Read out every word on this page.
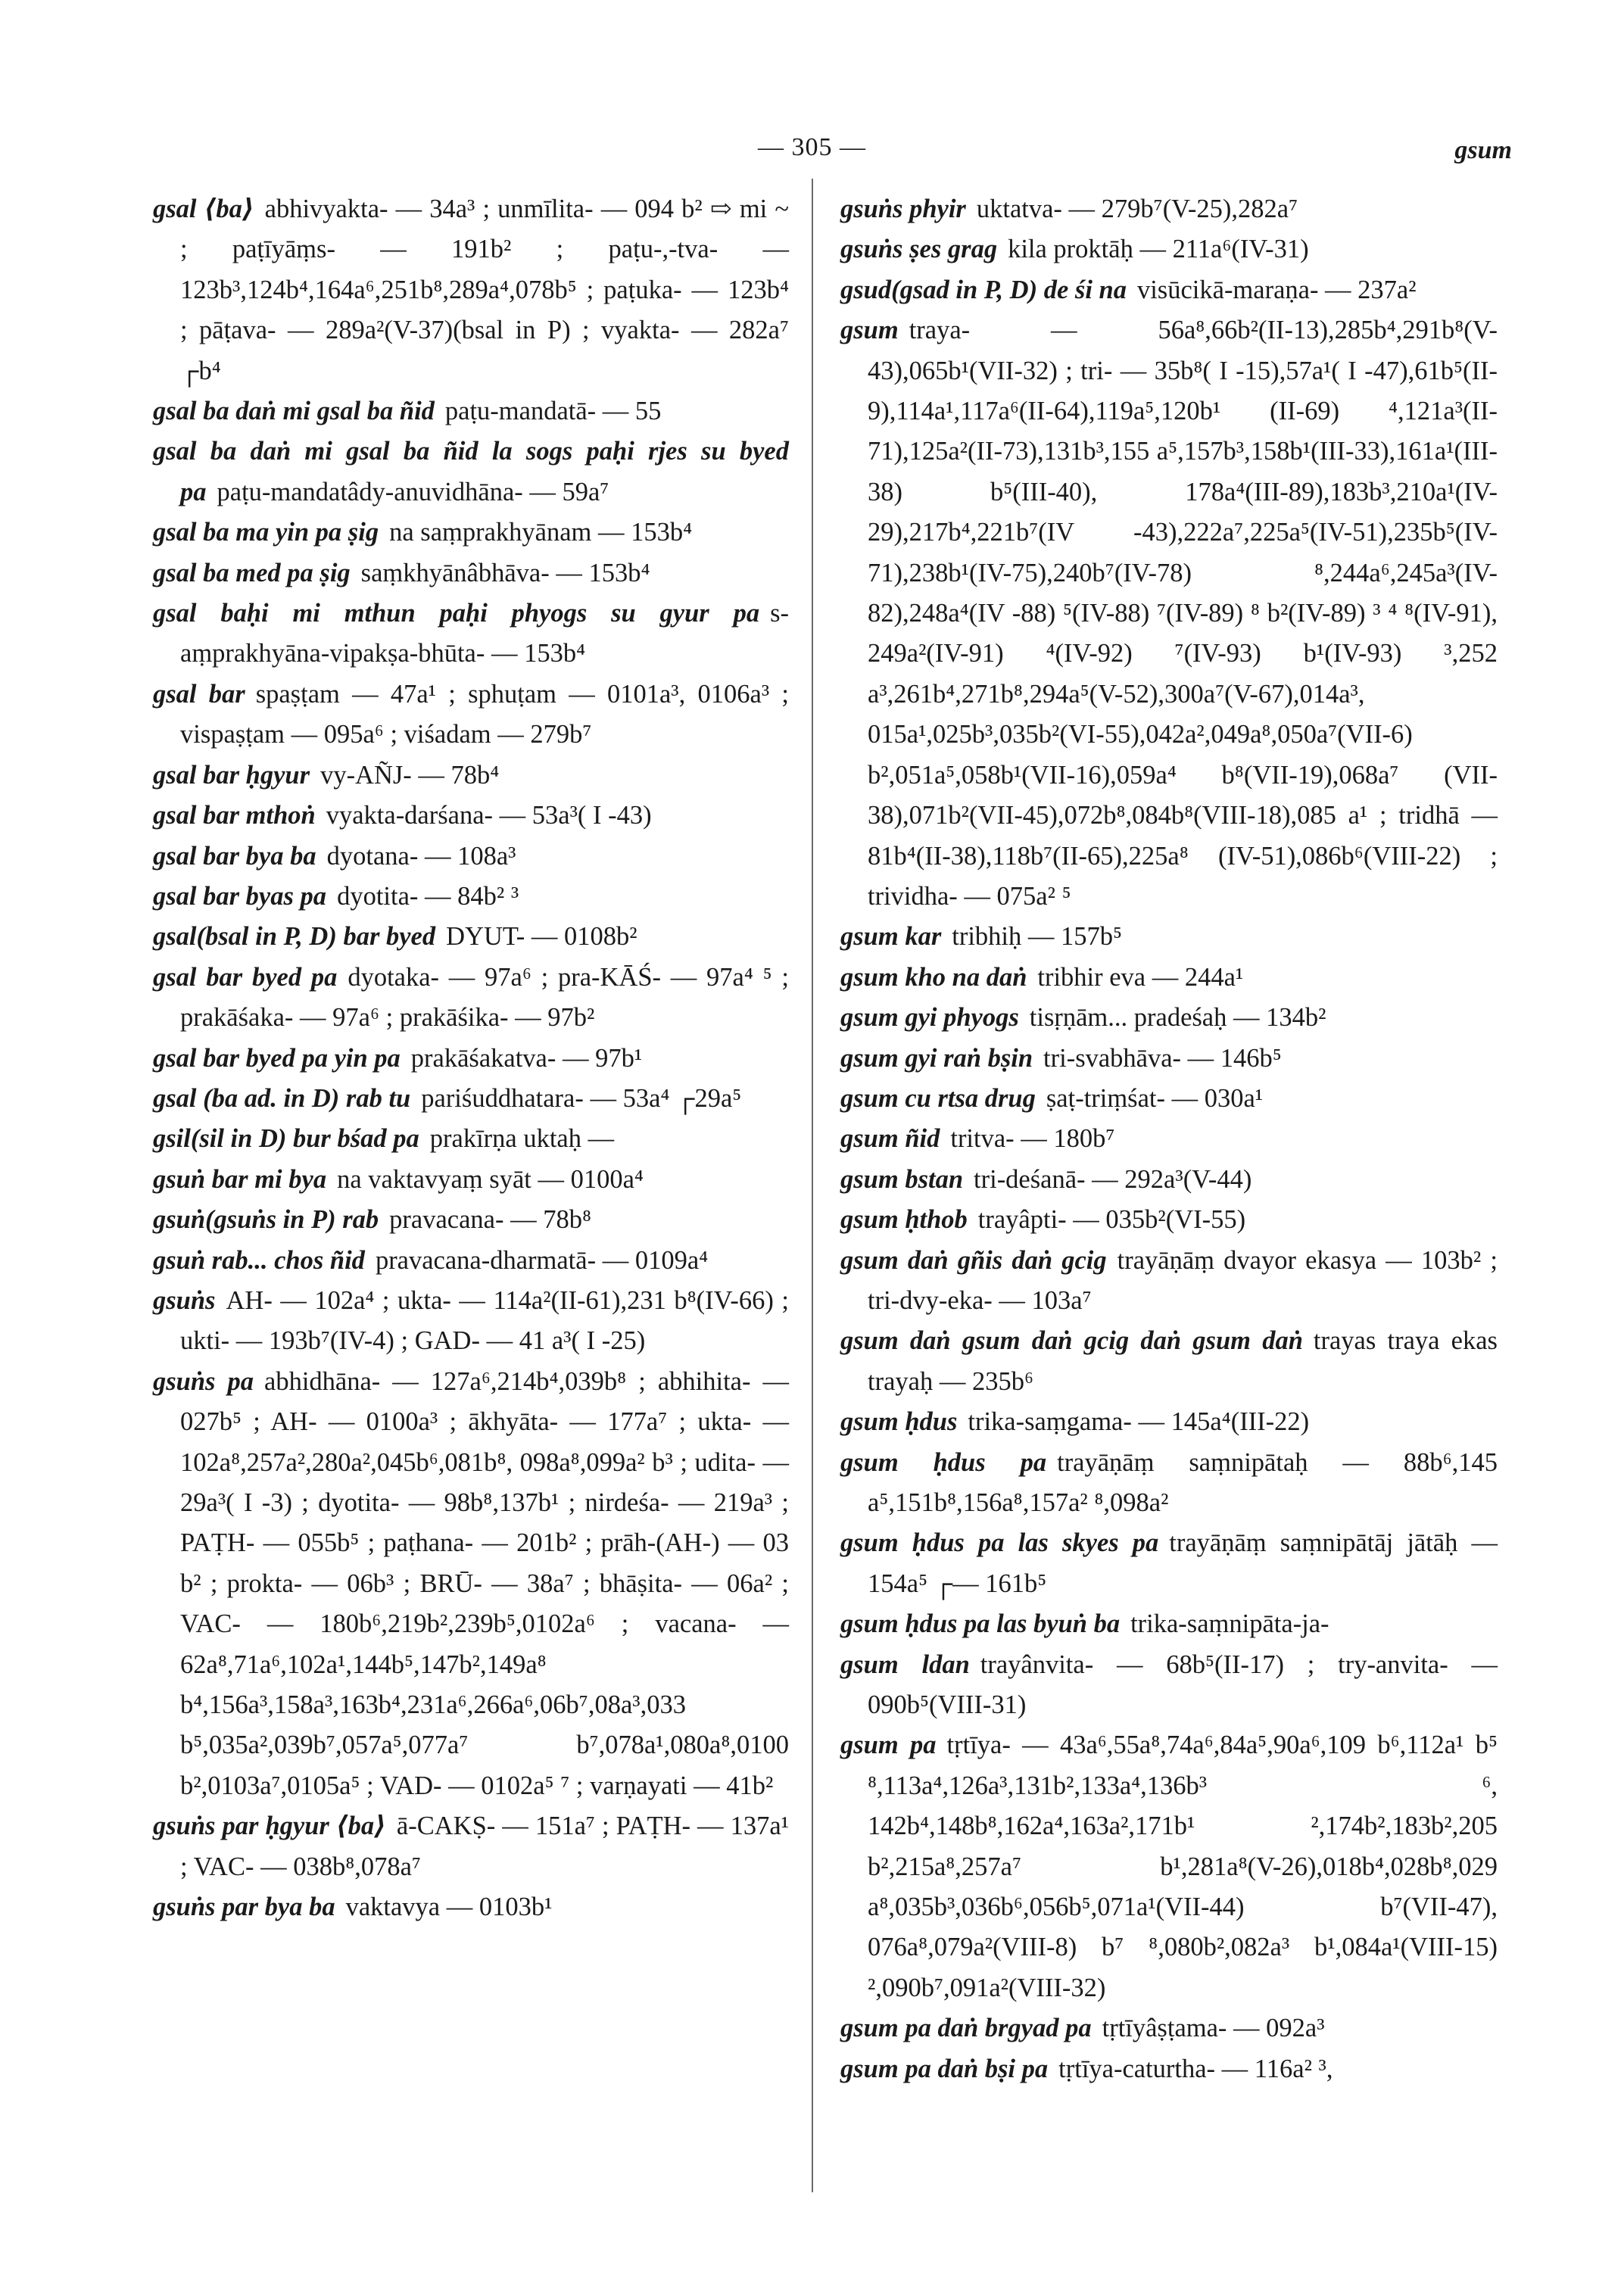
— 305 —	gsum
gsal ⟨ba⟩ abhivyakta- — 34a³ ; unmīlita- — 094 b² ⇨ mi ~ ; paṭīyāṃs- — 191b² ; paṭu-,-tva- — 123b³,124b⁴,164a⁶,251b⁸,289a⁴,078b⁵ ; paṭuka- — 123b⁴ ; pāṭava- — 289a²(V-37)(bsal in P) ; vyakta- — 282a⁷ ┌b⁴
gsal ba daṅ mi gsal ba ñid paṭu-mandatā- — 55
gsal ba daṅ mi gsal ba ñid la sogs paḥi rjes su byed pa paṭu-mandatâdy-anuvidhāna- — 59a⁷
gsal ba ma yin pa ṣig na saṃprakhyānam — 153b⁴
gsal ba med pa ṣig saṃkhyānâbhāva- — 153b⁴
gsal baḥi mi mthun paḥi phyogs su gyur pa s-aṃprakhyāna-vipakṣa-bhūta- — 153b⁴
gsal bar spaṣṭam — 47a¹ ; sphuṭam — 0101a³, 0106a³ ; vispaṣṭam — 095a⁶ ; viśadam — 279b⁷
gsal bar ḥgyur vy-AÑJ- — 78b⁴
gsal bar mthoṅ vyakta-darśana- — 53a³( I -43)
gsal bar bya ba dyotana- — 108a³
gsal bar byas pa dyotita- — 84b² ³
gsal(bsal in P, D) bar byed DYUT- — 0108b²
gsal bar byed pa dyotaka- — 97a⁶ ; pra-KĀŚ- — 97a⁴ ⁵ ; prakāśaka- — 97a⁶ ; prakāśika- — 97b²
gsal bar byed pa yin pa prakāśakatva- — 97b¹
gsal (ba ad. in D) rab tu pariśuddhatara- — 53a⁴ ┌29a⁵
gsil(sil in D) bur bśad pa prakīrṇa uktaḥ —
gsuṅ bar mi bya na vaktavyaṃ syāt — 0100a⁴
gsuṅ(gsuṅs in P) rab pravacana- — 78b⁸
gsuṅ rab... chos ñid pravacana-dharmatā- — 0109a⁴
gsuṅs AH- — 102a⁴ ; ukta- — 114a²(II-61),231 b⁸(IV-66) ; ukti- — 193b⁷(IV-4) ; GAD- — 41 a³( I -25)
gsuṅs pa abhidhāna- — 127a⁶,214b⁴,039b⁸ ; abhihita- — 027b⁵ ; AH- — 0100a³ ; ākhyāta- — 177a⁷ ; ukta- — 102a⁸,257a²,280a²,045b⁶,081b⁸, 098a⁸,099a² b³ ; udita- — 29a³( I -3) ; dyotita- — 98b⁸,137b¹ ; nirdeśa- — 219a³ ; PAṬH- — 055b⁵ ; paṭhana- — 201b² ; prāh-(AH-) — 03 b² ; prokta- — 06b³ ; BRŪ- — 38a⁷ ; bhāṣita- — 06a² ; VAC- — 180b⁶,219b²,239b⁵,0102a⁶ ; vacana- — 62a⁸,71a⁶,102a¹,144b⁵,147b²,149a⁸ b⁴,156a³,158a³,163b⁴,231a⁶,266a⁶,06b⁷,08a³,033 b⁵,035a²,039b⁷,057a⁵,077a⁷ b⁷,078a¹,080a⁸,0100 b²,0103a⁷,0105a⁵ ; VAD- — 0102a⁵ ⁷ ; varṇayati — 41b²
gsuṅs par ḥgyur ⟨ba⟩ ā-CAKṢ- — 151a⁷ ; PAṬH- — 137a¹ ; VAC- — 038b⁸,078a⁷
gsuṅs par bya ba vaktavya — 0103b¹
gsuṅs phyir uktatva- — 279b⁷(V-25),282a⁷
gsuṅs ṣes grag kila proktāḥ — 211a⁶(IV-31)
gsud(gsad in P, D) de śi na visūcikā-maraṇa- — 237a²
gsum traya- — 56a⁸,66b²(II-13),285b⁴,291b⁸(V-43),065b¹(VII-32) ; tri- — 35b⁸( I -15),57a¹( I -47),61b⁵(II-9),114a¹,117a⁶(II-64),119a⁵,120b¹ (II-69) ⁴,121a³(II-71),125a²(II-73),131b³,155 a⁵,157b³,158b¹(III-33),161a¹(III-38) b⁵(III-40), 178a⁴(III-89),183b³,210a¹(IV-29),217b⁴,221b⁷(IV -43),222a⁷,225a⁵(IV-51),235b⁵(IV-71),238b¹(IV-75),240b⁷(IV-78) ⁸,244a⁶,245a³(IV-82),248a⁴(IV -88) ⁵(IV-88) ⁷(IV-89) ⁸ b²(IV-89) ³ ⁴ ⁸(IV-91), 249a²(IV-91) ⁴(IV-92) ⁷(IV-93) b¹(IV-93) ³,252 a³,261b⁴,271b⁸,294a⁵(V-52),300a⁷(V-67),014a³, 015a¹,025b³,035b²(VI-55),042a²,049a⁸,050a⁷(VII-6) b²,051a⁵,058b¹(VII-16),059a⁴ b⁸(VII-19),068a⁷ (VII-38),071b²(VII-45),072b⁸,084b⁸(VIII-18),085 a¹ ; tridhā — 81b⁴(II-38),118b⁷(II-65),225a⁸ (IV-51),086b⁶(VIII-22) ; trividha- — 075a² ⁵
gsum kar tribhiḥ — 157b⁵
gsum kho na daṅ tribhir eva — 244a¹
gsum gyi phyogs tisṛṇām... pradeśaḥ — 134b²
gsum gyi raṅ bṣin tri-svabhāva- — 146b⁵
gsum cu rtsa drug ṣaṭ-triṃśat- — 030a¹
gsum ñid tritva- — 180b⁷
gsum bstan tri-deśanā- — 292a³(V-44)
gsum ḥthob trayâpti- — 035b²(VI-55)
gsum daṅ gñis daṅ gcig trayāṇāṃ dvayor ekasya — 103b² ; tri-dvy-eka- — 103a⁷
gsum daṅ gsum daṅ gcig daṅ gsum daṅ trayas traya ekas trayaḥ — 235b⁶
gsum ḥdus trika-saṃgama- — 145a⁴(III-22)
gsum ḥdus pa trayāṇāṃ saṃnipātaḥ — 88b⁶,145 a⁵,151b⁸,156a⁸,157a² ⁸,098a²
gsum ḥdus pa las skyes pa trayāṇāṃ saṃnipātāj jātāḥ — 154a⁵ ┌— 161b⁵
gsum ḥdus pa las byuṅ ba trika-saṃnipāta-ja-
gsum ldan trayânvita- — 68b⁵(II-17) ; try-anvita- — 090b⁵(VIII-31)
gsum pa tṛtīya- — 43a⁶,55a⁸,74a⁶,84a⁵,90a⁶,109 b⁶,112a¹ b⁵ ⁸,113a⁴,126a³,131b²,133a⁴,136b³ ⁶, 142b⁴,148b⁸,162a⁴,163a²,171b¹ ²,174b²,183b²,205 b²,215a⁸,257a⁷ b¹,281a⁸(V-26),018b⁴,028b⁸,029 a⁸,035b³,036b⁶,056b⁵,071a¹(VII-44) b⁷(VII-47), 076a⁸,079a²(VIII-8) b⁷ ⁸,080b²,082a³ b¹,084a¹(VIII-15) ²,090b⁷,091a²(VIII-32)
gsum pa daṅ brgyad pa tṛtīyâṣṭama- — 092a³
gsum pa daṅ bṣi pa tṛtīya-caturtha- — 116a² ³,
